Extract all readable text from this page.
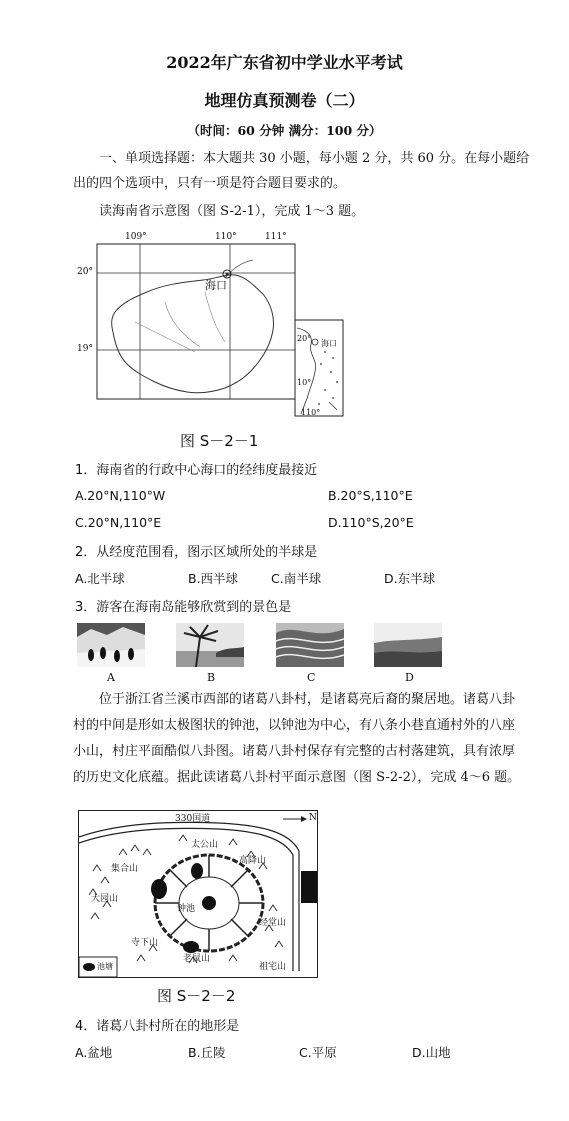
2022年广东省初中学业水平考试
地理仿真预测卷（二）
（时间：60 分钟 满分：100 分）
一、单项选择题：本大题共 30 小题，每小题 2 分，共 60 分。在每小题给
出的四个选项中，只有一项是符合题目要求的。
读海南省示意图（图 S-2-1），完成 1～3 题。
109°	110°	111°
20°
19°
海口
20°
海口
10°
110°
图 S－2－1
1．海南省的行政中心海口的经纬度最接近
A.20°N,110°W	B.20°S,110°E
C.20°N,110°E	D.110°S,20°E
2．从经度范围看，图示区域所处的半球是
A.北半球	B.西半球	C.南半球	D.东半球
3．游客在海南岛能够欣赏到的景色是
A	B	C	D
位于浙江省兰溪市西部的诸葛八卦村，是诸葛亮后裔的聚居地。诸葛八卦
村的中间是形如太极图状的钟池，以钟池为中心，有八条小巷直通村外的八座
小山，村庄平面酷似八卦图。诸葛八卦村保存有完整的古村落建筑，具有浓厚
的历史文化底蕴。据此读诸葛八卦村平面示意图（图 S-2-2），完成 4～6 题。
330国道	N
太公山
集合山
大园山
钟池
寺下山
老鼠山
祖宅山
经堂山
高降山
池塘
图 S－2－2
4．诸葛八卦村所在的地形是
A.盆地	B.丘陵	C.平原	D.山地
